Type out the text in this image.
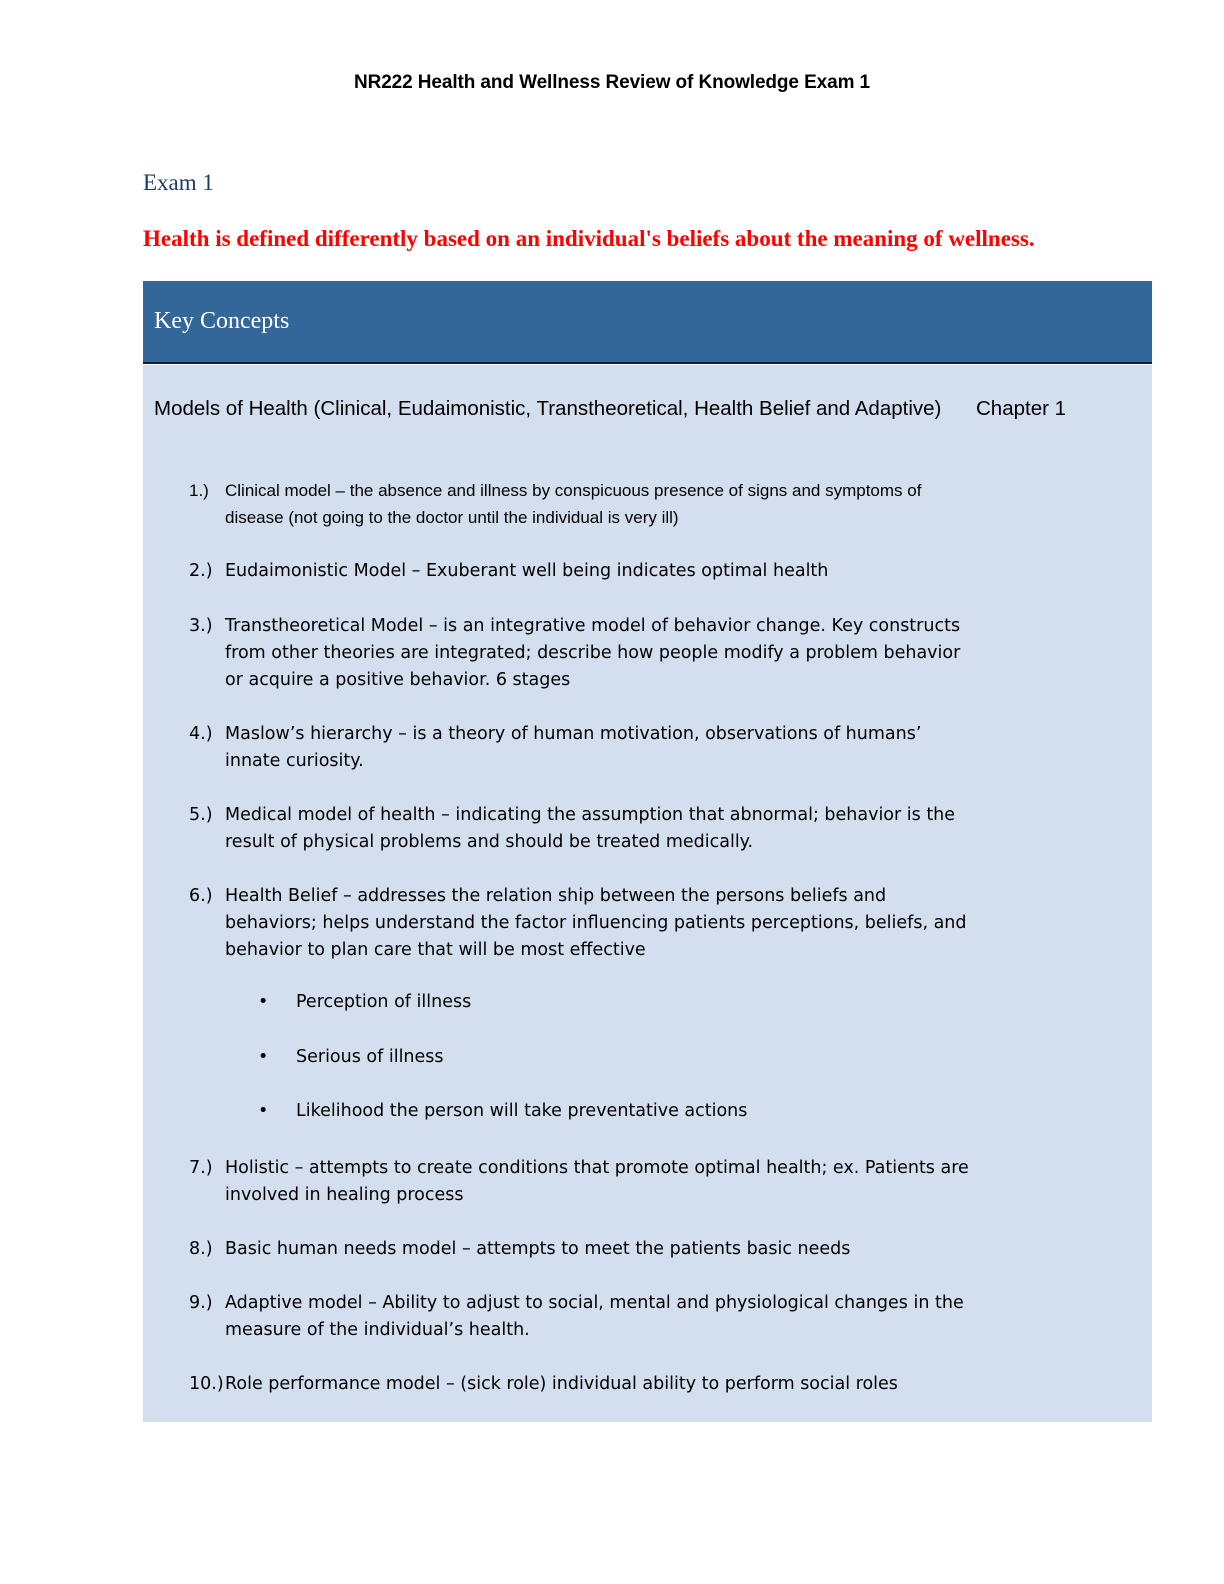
NR222 Health and Wellness Review of Knowledge Exam 1
Exam 1
Health is defined differently based on an individual's beliefs about the meaning of wellness.
Key Concepts
Models of Health (Clinical, Eudaimonistic, Transtheoretical, Health Belief and Adaptive) Chapter 1
1.) Clinical model – the absence and illness by conspicuous presence of signs and symptoms of disease (not going to the doctor until the individual is very ill)
2.) Eudaimonistic Model – Exuberant well being indicates optimal health
3.) Transtheoretical Model – is an integrative model of behavior change. Key constructs from other theories are integrated; describe how people modify a problem behavior or acquire a positive behavior. 6 stages
4.) Maslow’s hierarchy – is a theory of human motivation, observations of humans’ innate curiosity.
5.) Medical model of health – indicating the assumption that abnormal; behavior is the result of physical problems and should be treated medically.
6.) Health Belief – addresses the relation ship between the persons beliefs and behaviors; helps understand the factor influencing patients perceptions, beliefs, and behavior to plan care that will be most effective
• Perception of illness
• Serious of illness
• Likelihood the person will take preventative actions
7.) Holistic – attempts to create conditions that promote optimal health; ex. Patients are involved in healing process
8.) Basic human needs model – attempts to meet the patients basic needs
9.) Adaptive model – Ability to adjust to social, mental and physiological changes in the measure of the individual’s health.
10.) Role performance model – (sick role) individual ability to perform social roles
